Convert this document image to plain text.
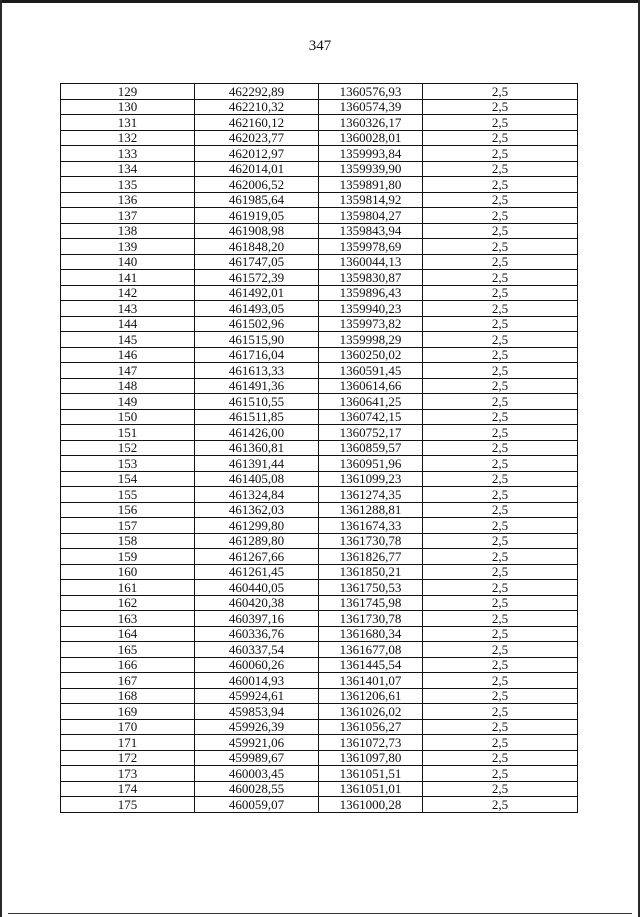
347
129	462292,89	1360576,93	2,5
130	462210,32	1360574,39	2,5
131	462160,12	1360326,17	2,5
132	462023,77	1360028,01	2,5
133	462012,97	1359993,84	2,5
134	462014,01	1359939,90	2,5
135	462006,52	1359891,80	2,5
136	461985,64	1359814,92	2,5
137	461919,05	1359804,27	2,5
138	461908,98	1359843,94	2,5
139	461848,20	1359978,69	2,5
140	461747,05	1360044,13	2,5
141	461572,39	1359830,87	2,5
142	461492,01	1359896,43	2,5
143	461493,05	1359940,23	2,5
144	461502,96	1359973,82	2,5
145	461515,90	1359998,29	2,5
146	461716,04	1360250,02	2,5
147	461613,33	1360591,45	2,5
148	461491,36	1360614,66	2,5
149	461510,55	1360641,25	2,5
150	461511,85	1360742,15	2,5
151	461426,00	1360752,17	2,5
152	461360,81	1360859,57	2,5
153	461391,44	1360951,96	2,5
154	461405,08	1361099,23	2,5
155	461324,84	1361274,35	2,5
156	461362,03	1361288,81	2,5
157	461299,80	1361674,33	2,5
158	461289,80	1361730,78	2,5
159	461267,66	1361826,77	2,5
160	461261,45	1361850,21	2,5
161	460440,05	1361750,53	2,5
162	460420,38	1361745,98	2,5
163	460397,16	1361730,78	2,5
164	460336,76	1361680,34	2,5
165	460337,54	1361677,08	2,5
166	460060,26	1361445,54	2,5
167	460014,93	1361401,07	2,5
168	459924,61	1361206,61	2,5
169	459853,94	1361026,02	2,5
170	459926,39	1361056,27	2,5
171	459921,06	1361072,73	2,5
172	459989,67	1361097,80	2,5
173	460003,45	1361051,51	2,5
174	460028,55	1361051,01	2,5
175	460059,07	1361000,28	2,5
